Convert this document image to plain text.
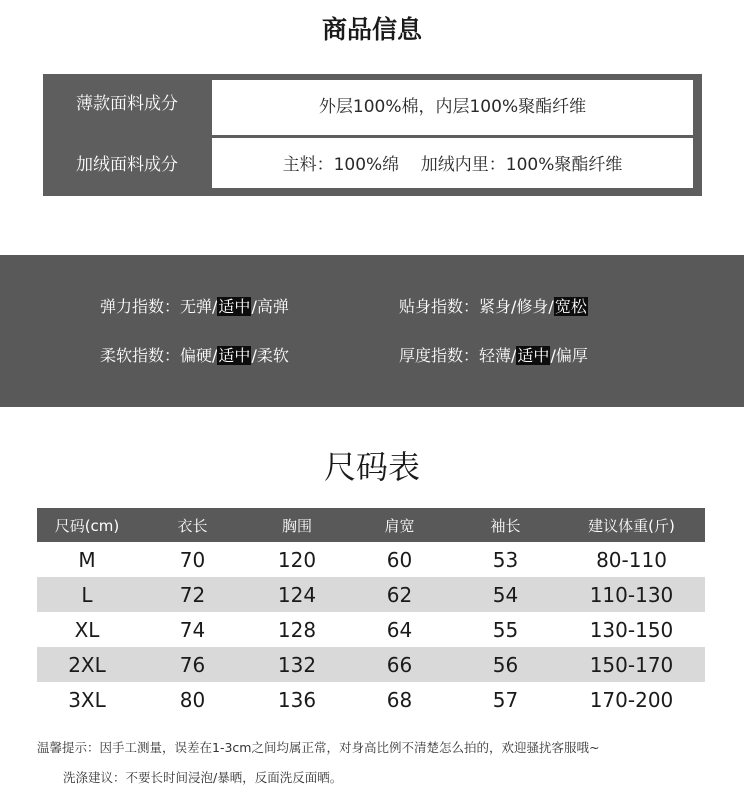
商品信息
薄款面料成分	外层100%棉，内层100%聚酯纤维
加绒面料成分	主料：100%绵    加绒内里：100%聚酯纤维
弹力指数：无弹/适中/高弹	贴身指数：紧身/修身/宽松
柔软指数：偏硬/适中/柔软	厚度指数：轻薄/适中/偏厚
尺码表
尺码(cm)	衣长	胸围	肩宽	袖长	建议体重(斤)
M	70	120	60	53	80-110
L	72	124	62	54	110-130
XL	74	128	64	55	130-150
2XL	76	132	66	56	150-170
3XL	80	136	68	57	170-200
温馨提示：因手工测量，误差在1-3cm之间均属正常，对身高比例不清楚怎么拍的，欢迎骚扰客服哦~
洗涤建议：不要长时间浸泡/暴晒，反面洗反面晒。
